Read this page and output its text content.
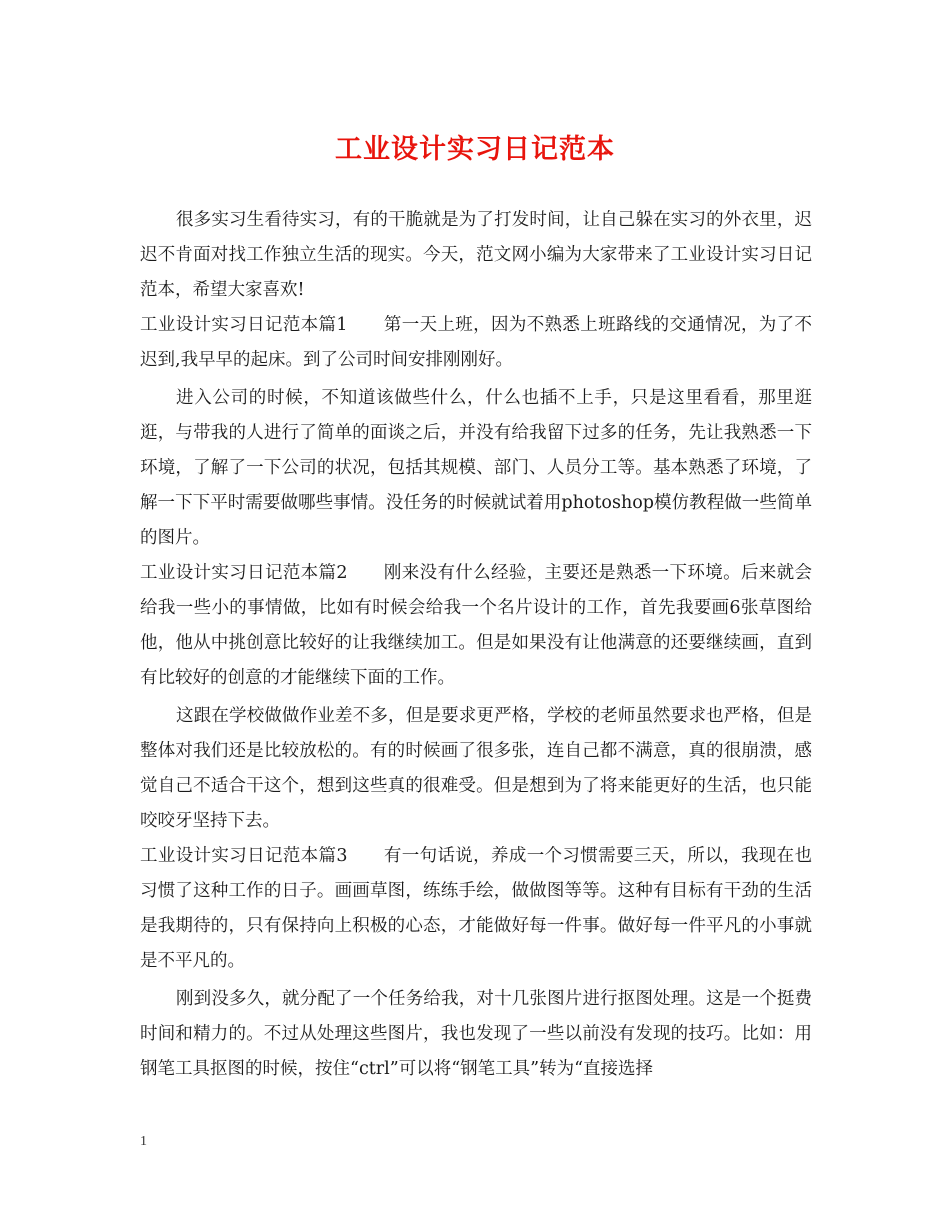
工业设计实习日记范本

很多实习生看待实习，有的干脆就是为了打发时间，让自己躲在实习的外衣里，迟迟不肯面对找工作独立生活的现实。今天，范文网小编为大家带来了工业设计实习日记范本，希望大家喜欢!

工业设计实习日记范本篇1 第一天上班，因为不熟悉上班路线的交通情况，为了不迟到,我早早的起床。到了公司时间安排刚刚好。

进入公司的时候，不知道该做些什么，什么也插不上手，只是这里看看，那里逛逛，与带我的人进行了简单的面谈之后，并没有给我留下过多的任务，先让我熟悉一下环境，了解了一下公司的状况，包括其规模、部门、人员分工等。基本熟悉了环境，了解一下下平时需要做哪些事情。没任务的时候就试着用photoshop模仿教程做一些简单的图片。

工业设计实习日记范本篇2 刚来没有什么经验，主要还是熟悉一下环境。后来就会给我一些小的事情做，比如有时候会给我一个名片设计的工作，首先我要画6张草图给他，他从中挑创意比较好的让我继续加工。但是如果没有让他满意的还要继续画，直到有比较好的创意的才能继续下面的工作。

这跟在学校做做作业差不多，但是要求更严格，学校的老师虽然要求也严格，但是整体对我们还是比较放松的。有的时候画了很多张，连自己都不满意，真的很崩溃，感觉自己不适合干这个，想到这些真的很难受。但是想到为了将来能更好的生活，也只能咬咬牙坚持下去。

工业设计实习日记范本篇3 有一句话说，养成一个习惯需要三天，所以，我现在也习惯了这种工作的日子。画画草图，练练手绘，做做图等等。这种有目标有干劲的生活是我期待的，只有保持向上积极的心态，才能做好每一件事。做好每一件平凡的小事就是不平凡的。

刚到没多久，就分配了一个任务给我，对十几张图片进行抠图处理。这是一个挺费时间和精力的。不过从处理这些图片，我也发现了一些以前没有发现的技巧。比如：用钢笔工具抠图的时候，按住“ctrl”可以将“钢笔工具”转为“直接选择

1
